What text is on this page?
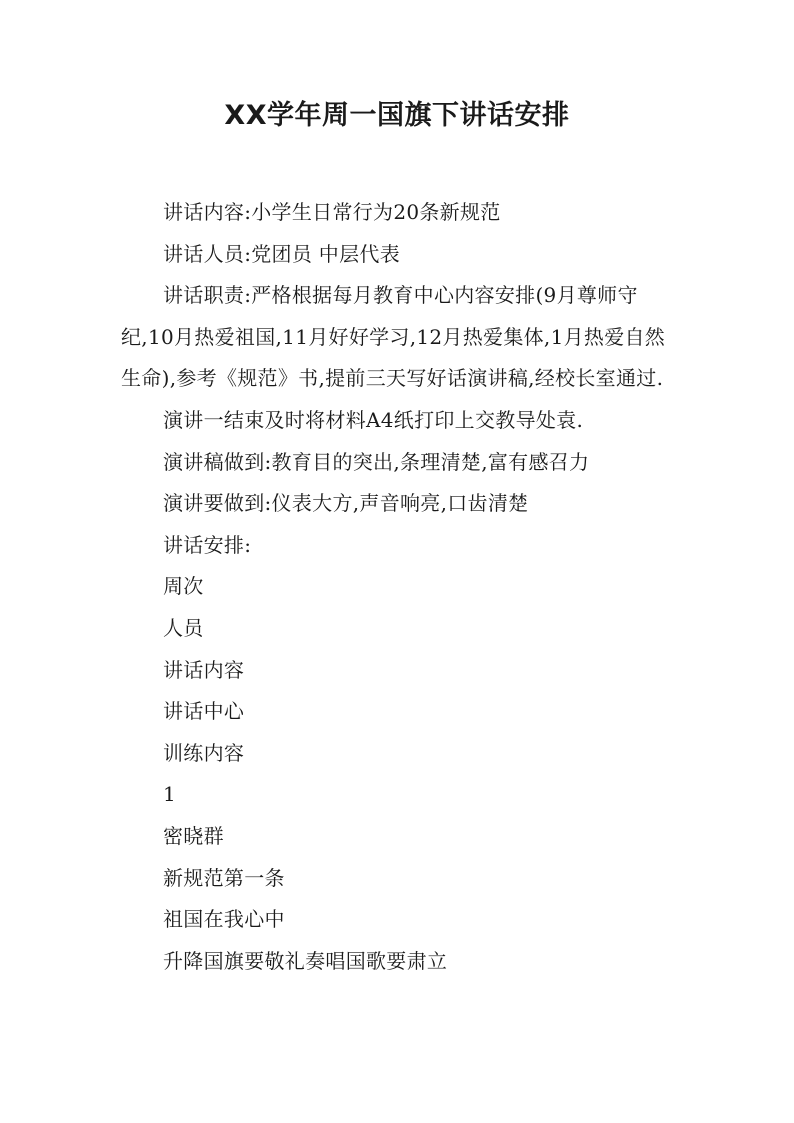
XX学年周一国旗下讲话安排

讲话内容:小学生日常行为20条新规范

讲话人员:党团员 中层代表

讲话职责:严格根据每月教育中心内容安排(9月尊师守纪,10月热爱祖国,11月好好学习,12月热爱集体,1月热爱自然生命),参考《规范》书,提前三天写好话演讲稿,经校长室通过.

演讲一结束及时将材料A4纸打印上交教导处袁.

演讲稿做到:教育目的突出,条理清楚,富有感召力

演讲要做到:仪表大方,声音响亮,口齿清楚

讲话安排:

周次

人员

讲话内容

讲话中心

训练内容

1

密晓群

新规范第一条

祖国在我心中

升降国旗要敬礼奏唱国歌要肃立
